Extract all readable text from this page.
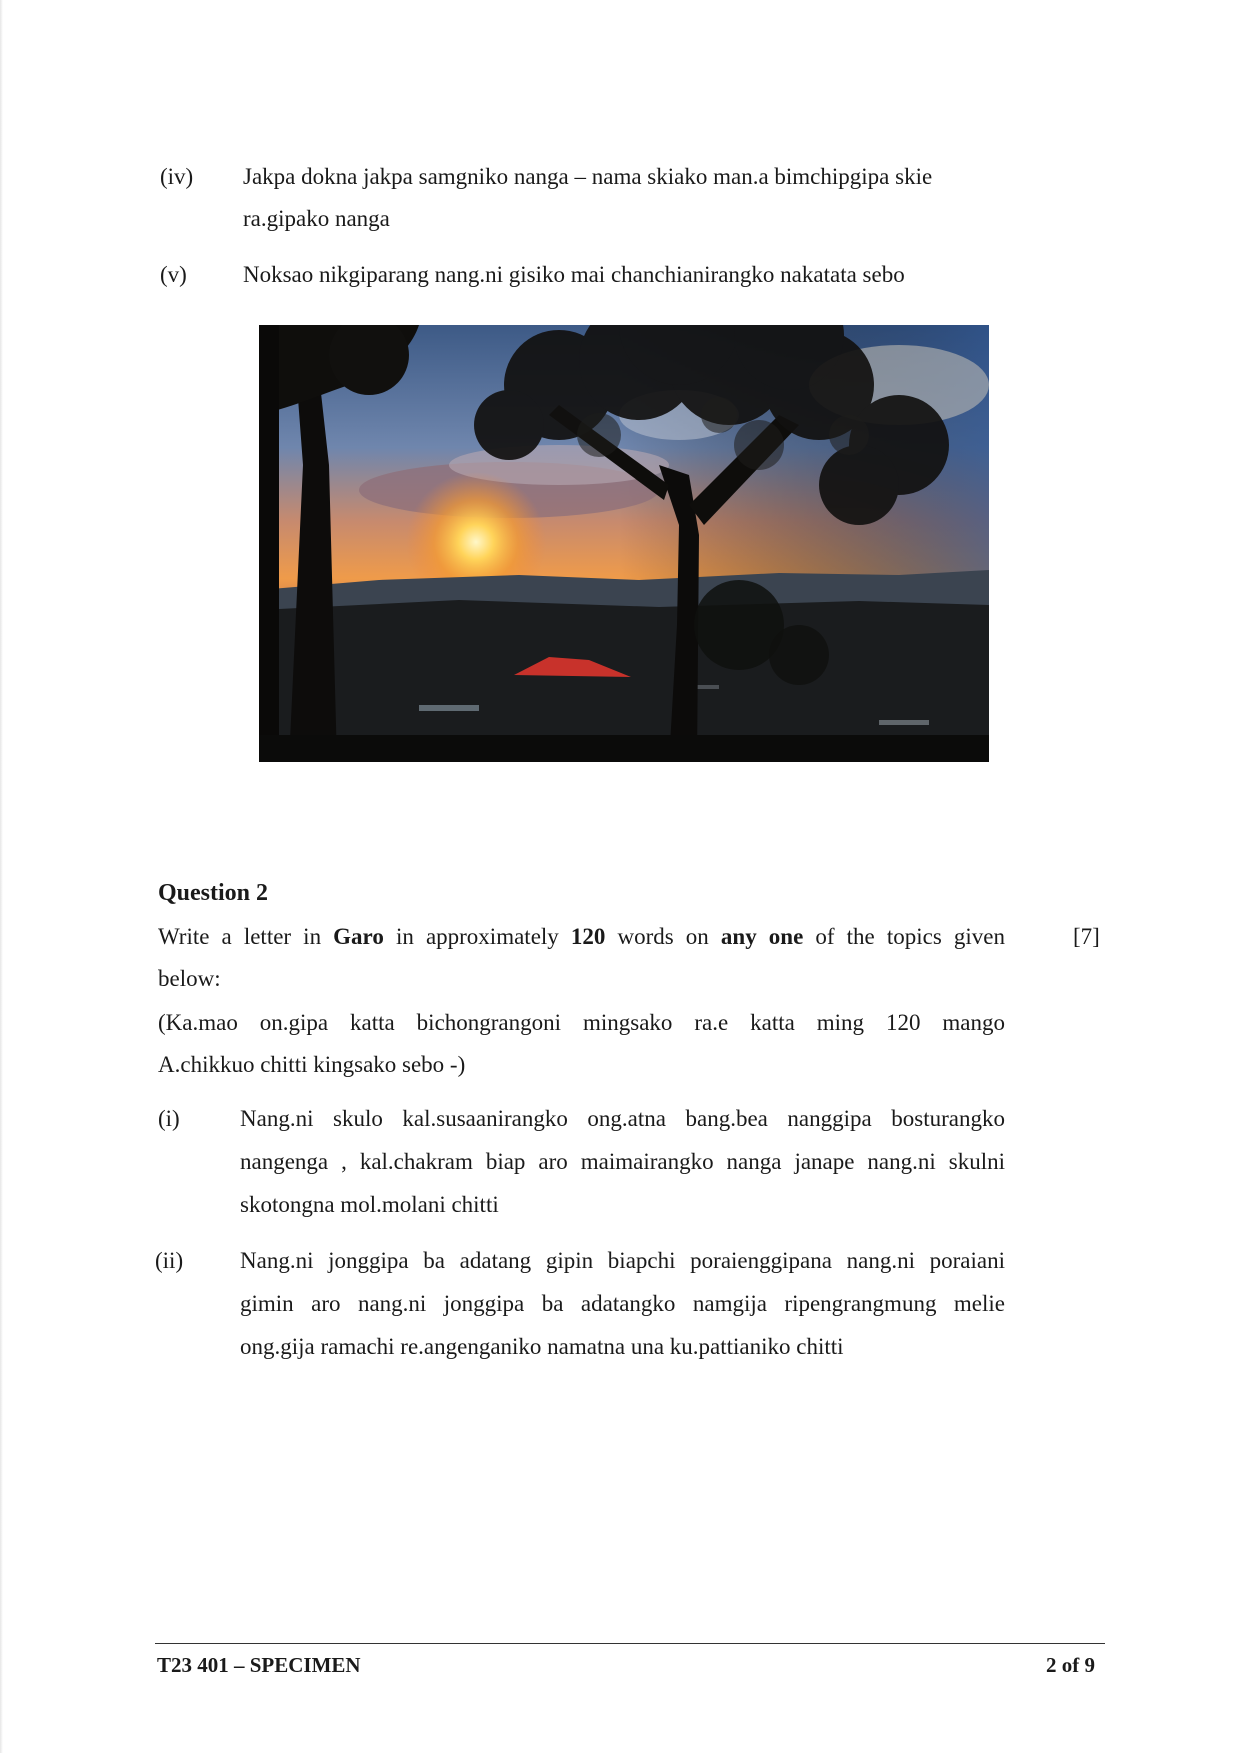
(iv) Jakpa dokna jakpa samgniko nanga – nama skiako man.a bimchipgipa skie
ra.gipako nanga
(v) Noksao nikgiparang nang.ni gisiko mai chanchianirangko nakatata sebo
Question 2
Write a letter in Garo in approximately 120 words on any one of the topics given
below:
[7]
(Ka.mao on.gipa katta bichongrangoni mingsako ra.e katta ming 120 mango
A.chikkuo chitti kingsako sebo -)
(i)	Nang.ni skulo kal.susaanirangko ong.atna bang.bea nanggipa bosturangko
nangenga , kal.chakram biap aro maimairangko nanga janape nang.ni skulni
skotongna mol.molani chitti
(ii) Nang.ni jonggipa ba adatang gipin biapchi poraienggipana nang.ni poraiani
gimin aro nang.ni jonggipa ba adatangko namgija ripengrangmung melie
ong.gija ramachi re.angenganiko namatna una ku.pattianiko chitti
T23 401 – SPECIMEN	2 of 9
